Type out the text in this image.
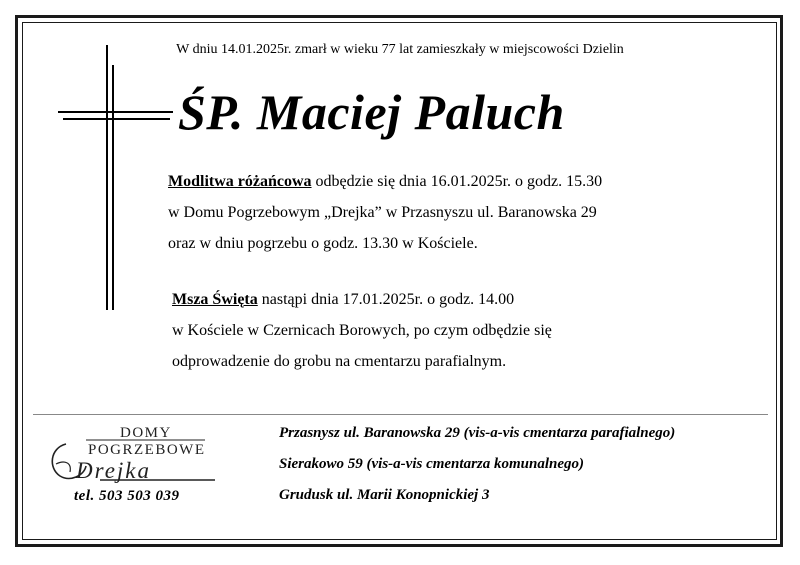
W dniu 14.01.2025r. zmarł w wieku 77 lat zamieszkały w miejscowości Dzielin
ŚP. Maciej Paluch

Modlitwa różańcowa odbędzie się dnia 16.01.2025r. o godz. 15.30

w Domu Pogrzebowym „Drejka” w Przasnyszu ul. Baranowska 29

oraz w dniu pogrzebu o godz. 13.30 w Kościele.

Msza Święta nastąpi dnia 17.01.2025r. o godz. 14.00

w Kościele w Czernicach Borowych, po czym odbędzie się

odprowadzenie do grobu na cmentarzu parafialnym.

DOMY
POGRZEBOWE
Drejka
tel. 503 503 039
Przasnysz ul. Baranowska 29 (vis-a-vis cmentarza parafialnego)
Sierakowo 59 (vis-a-vis cmentarza komunalnego)
Grudusk ul. Marii Konopnickiej 3
